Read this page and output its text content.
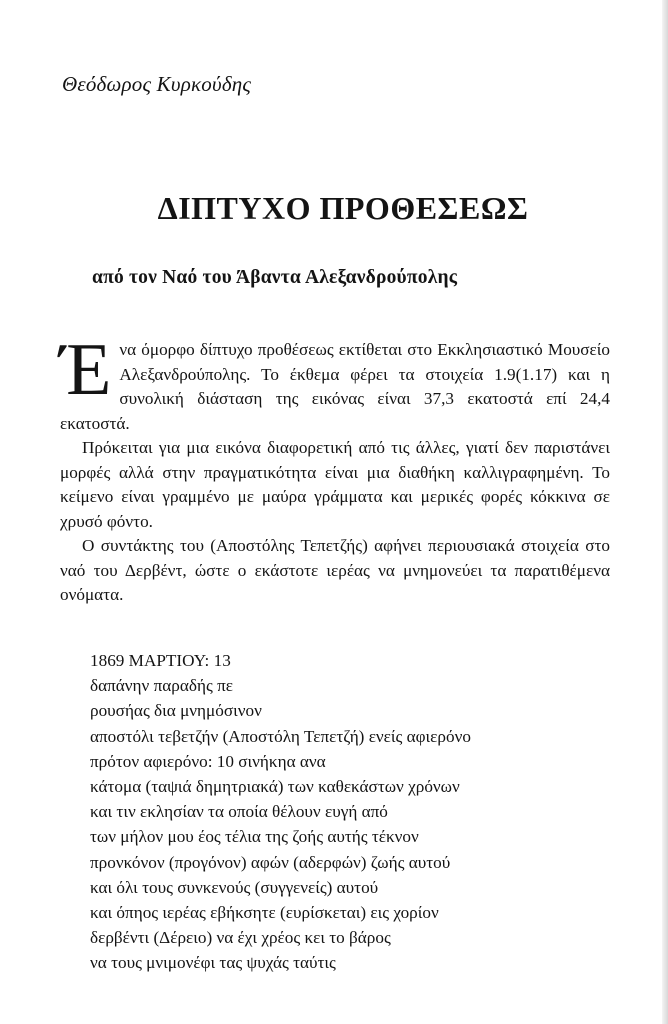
Θεόδωρος Κυρκούδης
ΔΙΠΤΥΧΟ ΠΡΟΘΕΣΕΩΣ
από τον Ναό του Άβαντα Αλεξανδρούπολης

Ένα όμορφο δίπτυχο προθέσεως εκτίθεται στο Εκκλησιαστικό Μουσείο Αλεξανδρούπολης. Το έκθεμα φέρει τα στοιχεία 1.9(1.17) και η συνολική διάσταση της εικόνας είναι 37,3 εκατοστά επί 24,4 εκατοστά.

Πρόκειται για μια εικόνα διαφορετική από τις άλλες, γιατί δεν παριστάνει μορφές αλλά στην πραγματικότητα είναι μια διαθήκη καλλιγραφημένη. Το κείμενο είναι γραμμένο με μαύρα γράμματα και μερικές φορές κόκκινα σε χρυσό φόντο.

Ο συντάκτης του (Αποστόλης Τεπετζής) αφήνει περιουσιακά στοιχεία στο ναό του Δερβέντ, ώστε ο εκάστοτε ιερέας να μνημονεύει τα παρατιθέμενα ονόματα.

1869 ΜΑΡΤΙΟΥ: 13
δαπάνην παραδής πε
ρουσήας δια μνημόσινον
αποστόλι τεβετζήν (Αποστόλη Τεπετζή) ενείς αφιερόνο
πρότον αφιερόνο: 10 σινήκηα ανα
κάτομα (ταψιά δημητριακά) των καθεκάστων χρόνων
και τιν εκλησίαν τα οποία θέλουν ευγή από
των μήλον μου έος τέλια της ζοής αυτής τέκνον
προνκόνον (προγόνον) αφών (αδερφών) ζωής αυτού
και όλι τους συνκενούς (συγγενείς) αυτού
και όπηος ιερέας εβήκσητε (ευρίσκεται) εις χορίον
δερβέντι (Δέρειο) να έχι χρέος κει το βάρος
να τους μνιμονέφι τας ψυχάς ταύτις
